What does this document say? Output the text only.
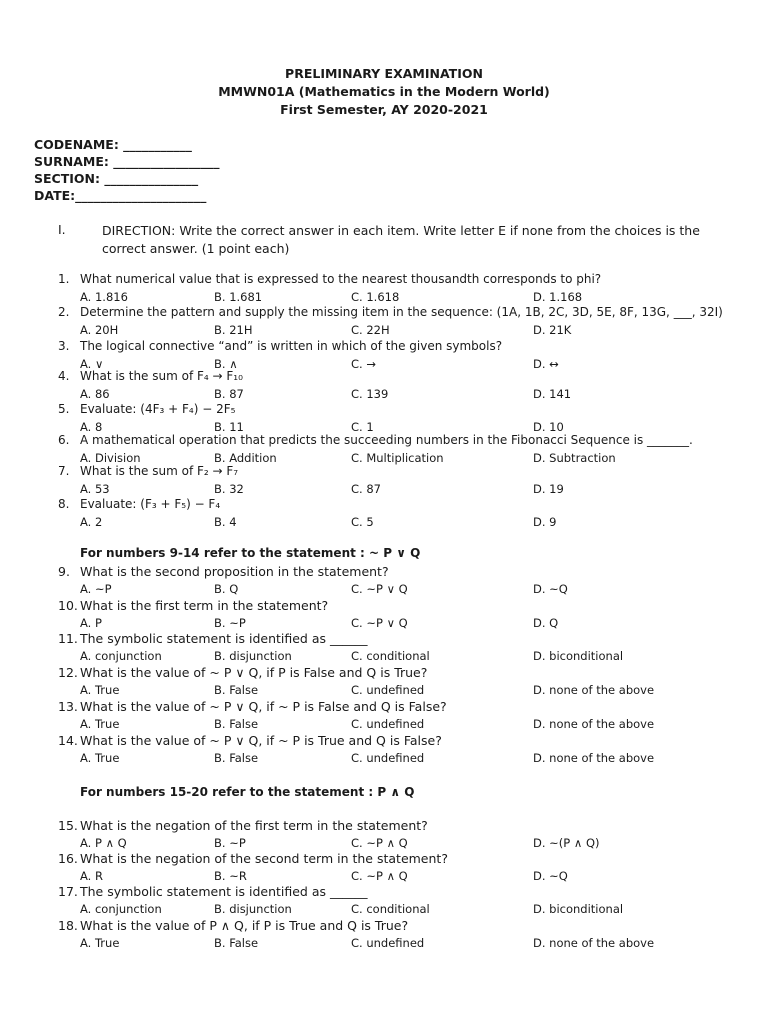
PRELIMINARY EXAMINATION
MMWN01A (Mathematics in the Modern World)
First Semester, AY 2020-2021
CODENAME: ___________
SURNAME: _________________
SECTION: _______________
DATE:_____________________
I.	DIRECTION: Write the correct answer in each item. Write letter E if none from the choices is the correct answer. (1 point each)
1. What numerical value that is expressed to the nearest thousandth corresponds to phi?
A. 1.816	B. 1.681	C. 1.618	D. 1.168
2. Determine the pattern and supply the missing item in the sequence: (1A, 1B, 2C, 3D, 5E, 8F, 13G, ___, 32I)
A. 20H	B. 21H	C. 22H	D. 21K
3. The logical connective “and” is written in which of the given symbols?
A. ∨	B. ∧	C. →	D. ↔
4. What is the sum of F₄ → F₁₀
A. 86	B. 87	C. 139	D. 141
5. Evaluate: (4F₃ + F₄) − 2F₅
A. 8	B. 11	C. 1	D. 10
6. A mathematical operation that predicts the succeeding numbers in the Fibonacci Sequence is _______.
A. Division	B. Addition	C. Multiplication	D. Subtraction
7. What is the sum of F₂ → F₇
A. 53	B. 32	C. 87	D. 19
8. Evaluate: (F₃ + F₅) − F₄
A. 2	B. 4	C. 5	D. 9
9. What is the second proposition in the statement?
A. ~P	B. Q	C. ~P ∨ Q	D. ~Q
10. What is the first term in the statement?
A. P	B. ~P	C. ~P ∨ Q	D. Q
11. The symbolic statement is identified as ______
A. conjunction	B. disjunction	C. conditional	D. biconditional
12. What is the value of ~ P ∨ Q, if P is False and Q is True?
A. True	B. False	C. undefined	D. none of the above
13. What is the value of ~ P ∨ Q, if ~ P is False and Q is False?
A. True	B. False	C. undefined	D. none of the above
14. What is the value of ~ P ∨ Q, if ~ P is True and Q is False?
A. True	B. False	C. undefined	D. none of the above
15. What is the negation of the first term in the statement?
A. P ∧ Q	B. ~P	C. ~P ∧ Q	D. ~(P ∧ Q)
16. What is the negation of the second term in the statement?
A. R	B. ~R	C. ~P ∧ Q	D. ~Q
17. The symbolic statement is identified as ______
A. conjunction	B. disjunction	C. conditional	D. biconditional
18. What is the value of P ∧ Q, if P is True and Q is True?
A. True	B. False	C. undefined	D. none of the above
For numbers 9-14 refer to the statement : ~ P ∨ Q
For numbers 15-20 refer to the statement : P ∧ Q
